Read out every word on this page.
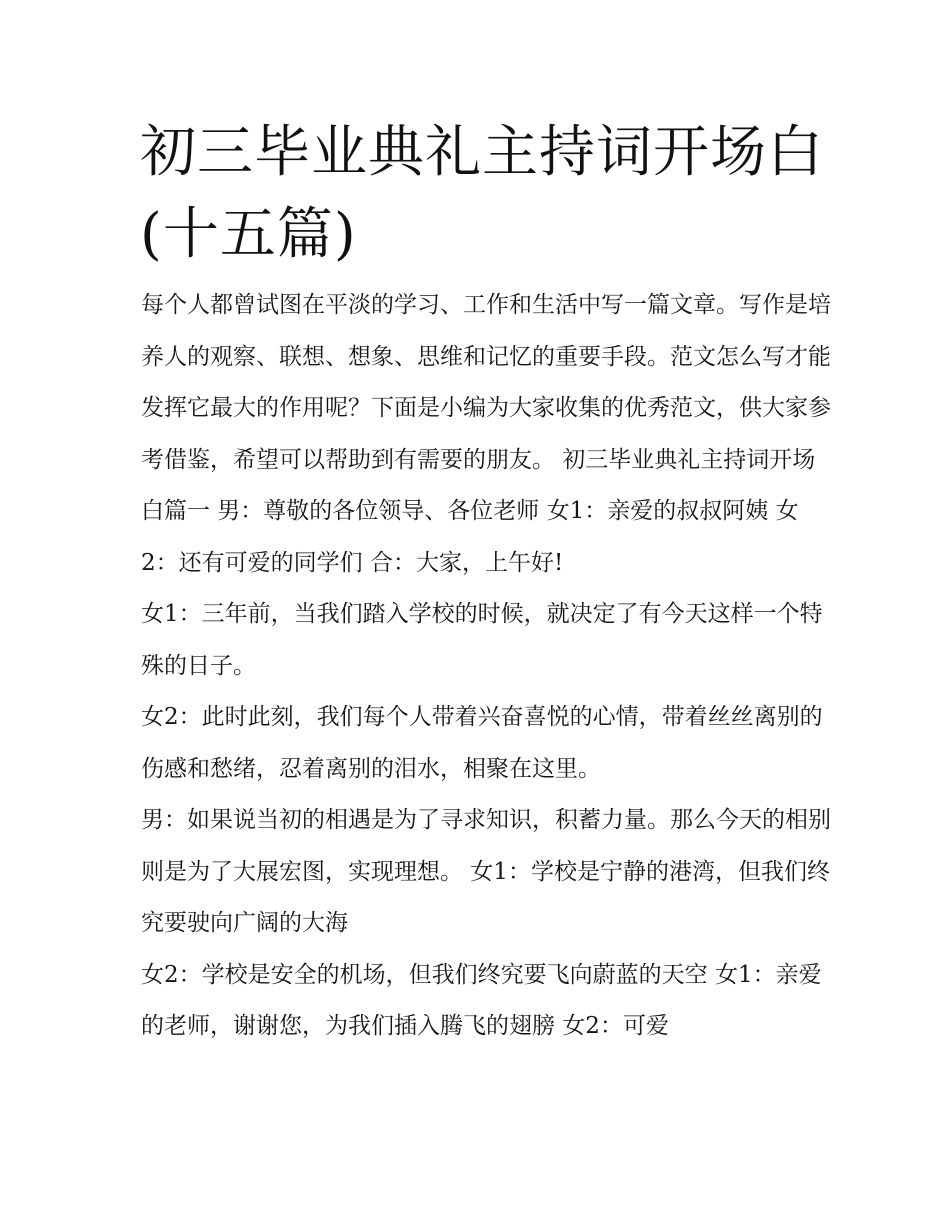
初三毕业典礼主持词开场白(十五篇)

每个人都曾试图在平淡的学习、工作和生活中写一篇文章。写作是培养人的观察、联想、想象、思维和记忆的重要手段。范文怎么写才能发挥它最大的作用呢？下面是小编为大家收集的优秀范文，供大家参考借鉴，希望可以帮助到有需要的朋友。 初三毕业典礼主持词开场白篇一 男：尊敬的各位领导、各位老师 女1：亲爱的叔叔阿姨 女2：还有可爱的同学们 合：大家，上午好!

女1：三年前，当我们踏入学校的时候，就决定了有今天这样一个特殊的日子。

女2：此时此刻，我们每个人带着兴奋喜悦的心情，带着丝丝离别的伤感和愁绪，忍着离别的泪水，相聚在这里。

男：如果说当初的相遇是为了寻求知识，积蓄力量。那么今天的相别则是为了大展宏图，实现理想。 女1：学校是宁静的港湾，但我们终究要驶向广阔的大海

女2：学校是安全的机场，但我们终究要飞向蔚蓝的天空 女1：亲爱的老师，谢谢您，为我们插入腾飞的翅膀 女2：可爱
